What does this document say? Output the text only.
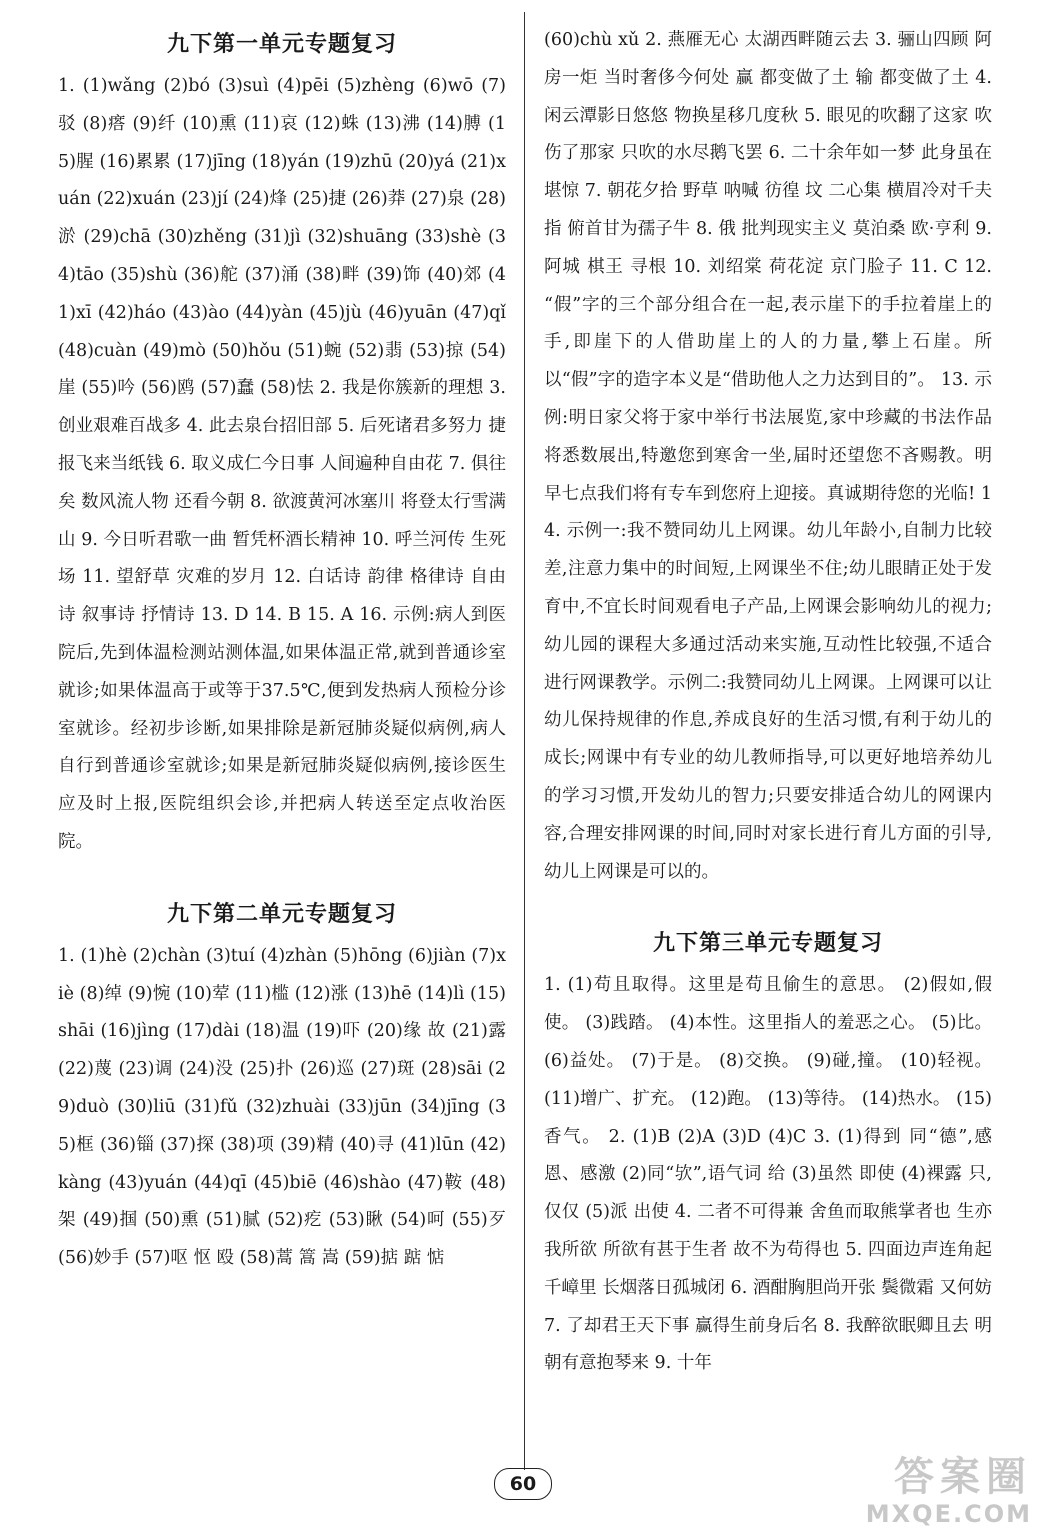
九下第一单元专题复习

1. (1)wǎng (2)bó (3)suì (4)pēi (5)zhèng (6)wō (7)驳 (8)瘩 (9)纤 (10)熏 (11)哀 (12)蛛 (13)沸 (14)膊 (15)腥 (16)累累 (17)jīng (18)yán (19)zhū (20)yá (21)xuán (22)xuán (23)jí (24)烽 (25)捷 (26)莽 (27)泉 (28)淤 (29)chā (30)zhěng (31)jì (32)shuāng (33)shè (34)tāo (35)shù (36)舵 (37)涌 (38)畔 (39)饰 (40)郊 (41)xī (42)háo (43)ào (44)yàn (45)jù (46)yuān (47)qǐ (48)cuàn (49)mò (50)hǒu (51)蜿 (52)翡 (53)掠 (54)崖 (55)吟 (56)鸥 (57)蠢 (58)怯 2. 我是你簇新的理想 3. 创业艰难百战多 4. 此去泉台招旧部 5. 后死诸君多努力 捷报飞来当纸钱 6. 取义成仁今日事 人间遍种自由花 7. 俱往矣 数风流人物 还看今朝 8. 欲渡黄河冰塞川 将登太行雪满山 9. 今日听君歌一曲 暂凭杯酒长精神 10. 呼兰河传 生死场 11. 望舒草 灾难的岁月 12. 白话诗 韵律 格律诗 自由诗 叙事诗 抒情诗 13. D 14. B 15. A 16. 示例:病人到医院后,先到体温检测站测体温,如果体温正常,就到普通诊室就诊;如果体温高于或等于37.5℃,便到发热病人预检分诊室就诊。经初步诊断,如果排除是新冠肺炎疑似病例,病人自行到普通诊室就诊;如果是新冠肺炎疑似病例,接诊医生应及时上报,医院组织会诊,并把病人转送至定点收治医院。

九下第二单元专题复习

1. (1)hè (2)chàn (3)tuí (4)zhàn (5)hōng (6)jiàn (7)xiè (8)绰 (9)惋 (10)荤 (11)槛 (12)涨 (13)hē (14)lì (15)shāi (16)jìng (17)dài (18)温 (19)吓 (20)缘 故 (21)露 (22)蔑 (23)调 (24)没 (25)扑 (26)巡 (27)斑 (28)sāi (29)duò (30)liū (31)fǔ (32)zhuài (33)jūn (34)jīng (35)框 (36)锱 (37)探 (38)项 (39)精 (40)寻 (41)lūn (42)kàng (43)yuán (44)qī (45)biē (46)shào (47)鞍 (48)架 (49)掴 (50)熏 (51)腻 (52)疙 (53)瞅 (54)呵 (55)歹 (56)妙手 (57)呕 怄 殴 (58)蒿 篙 嵩 (59)掂 踮 惦

(60)chù xǔ 2. 燕雁无心 太湖西畔随云去 3. 骊山四顾 阿房一炬 当时奢侈今何处 赢 都变做了土 输 都变做了土 4. 闲云潭影日悠悠 物换星移几度秋 5. 眼见的吹翻了这家 吹伤了那家 只吹的水尽鹅飞罢 6. 二十余年如一梦 此身虽在堪惊 7. 朝花夕拾 野草 呐喊 彷徨 坟 二心集 横眉冷对千夫指 俯首甘为孺子牛 8. 俄 批判现实主义 莫泊桑 欧·亨利 9. 阿城 棋王 寻根 10. 刘绍棠 荷花淀 京门脸子 11. C 12. “假”字的三个部分组合在一起,表示崖下的手拉着崖上的手,即崖下的人借助崖上的人的力量,攀上石崖。所以“假”字的造字本义是“借助他人之力达到目的”。 13. 示例:明日家父将于家中举行书法展览,家中珍藏的书法作品将悉数展出,特邀您到寒舍一坐,届时还望您不吝赐教。明早七点我们将有专车到您府上迎接。真诚期待您的光临! 14. 示例一:我不赞同幼儿上网课。幼儿年龄小,自制力比较差,注意力集中的时间短,上网课坐不住;幼儿眼睛正处于发育中,不宜长时间观看电子产品,上网课会影响幼儿的视力;幼儿园的课程大多通过活动来实施,互动性比较强,不适合进行网课教学。示例二:我赞同幼儿上网课。上网课可以让幼儿保持规律的作息,养成良好的生活习惯,有利于幼儿的成长;网课中有专业的幼儿教师指导,可以更好地培养幼儿的学习习惯,开发幼儿的智力;只要安排适合幼儿的网课内容,合理安排网课的时间,同时对家长进行育儿方面的引导,幼儿上网课是可以的。

九下第三单元专题复习

1. (1)苟且取得。这里是苟且偷生的意思。 (2)假如,假使。 (3)践踏。 (4)本性。这里指人的羞恶之心。 (5)比。 (6)益处。 (7)于是。 (8)交换。 (9)碰,撞。 (10)轻视。 (11)增广、扩充。 (12)跑。 (13)等待。 (14)热水。 (15)香气。 2. (1)B (2)A (3)D (4)C 3. (1)得到 同“德”,感恩、感激 (2)同“欤”,语气词 给 (3)虽然 即使 (4)裸露 只,仅仅 (5)派 出使 4. 二者不可得兼 舍鱼而取熊掌者也 生亦我所欲 所欲有甚于生者 故不为苟得也 5. 四面边声连角起 千嶂里 长烟落日孤城闭 6. 酒酣胸胆尚开张 鬓微霜 又何妨 7. 了却君王天下事 赢得生前身后名 8. 我醉欲眠卿且去 明朝有意抱琴来 9. 十年

60	答案圈
MXQE.COM
